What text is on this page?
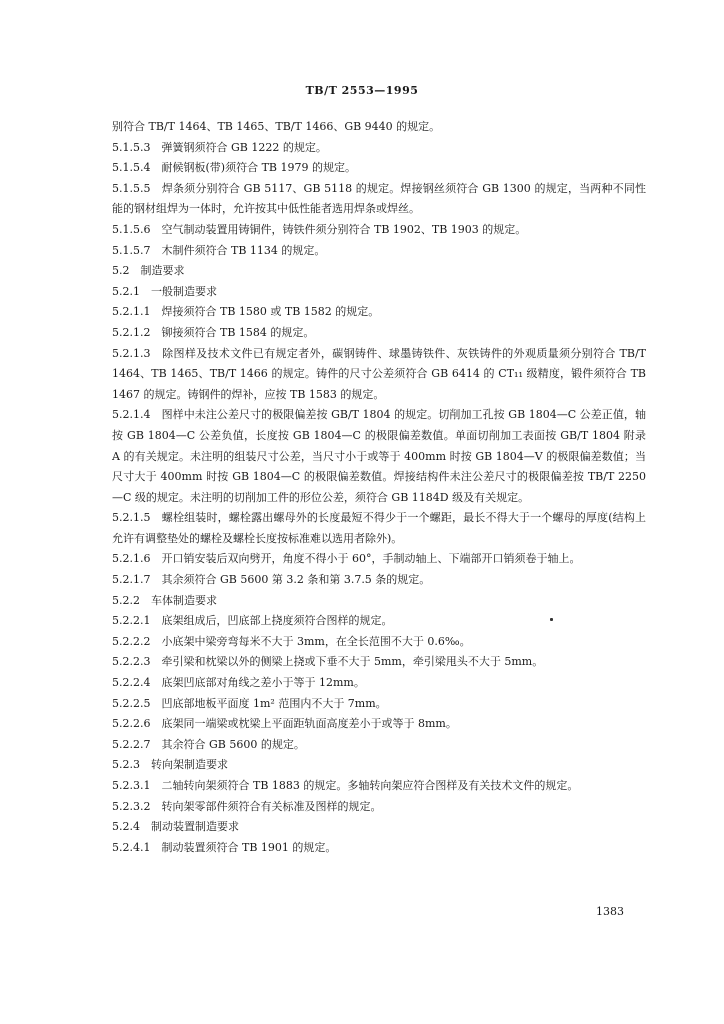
TB/T 2553—1995
别符合 TB/T 1464、TB 1465、TB/T 1466、GB 9440 的规定。
5.1.5.3　弹簧钢须符合 GB 1222 的规定。
5.1.5.4　耐候钢板(带)须符合 TB 1979 的规定。
5.1.5.5　焊条须分别符合 GB 5117、GB 5118 的规定。焊接钢丝须符合 GB 1300 的规定，当两种不同性能的钢材组焊为一体时，允许按其中低性能者选用焊条或焊丝。
5.1.5.6　空气制动装置用铸铜件，铸铁件须分别符合 TB 1902、TB 1903 的规定。
5.1.5.7　木制件须符合 TB 1134 的规定。
5.2　制造要求
5.2.1　一般制造要求
5.2.1.1　焊接须符合 TB 1580 或 TB 1582 的规定。
5.2.1.2　铆接须符合 TB 1584 的规定。
5.2.1.3　除图样及技术文件已有规定者外，碳钢铸件、球墨铸铁件、灰铁铸件的外观质量须分别符合 TB/T 1464、TB 1465、TB/T 1466 的规定。铸件的尺寸公差须符合 GB 6414 的 CT₁₁ 级精度，锻件须符合 TB 1467 的规定。铸钢件的焊补，应按 TB 1583 的规定。
5.2.1.4　图样中未注公差尺寸的极限偏差按 GB/T 1804 的规定。切削加工孔按 GB 1804—C 公差正值，轴按 GB 1804—C 公差负值，长度按 GB 1804—C 的极限偏差数值。单面切削加工表面按 GB/T 1804 附录 A 的有关规定。未注明的组装尺寸公差，当尺寸小于或等于 400mm 时按 GB 1804—V 的极限偏差数值；当尺寸大于 400mm 时按 GB 1804—C 的极限偏差数值。焊接结构件未注公差尺寸的极限偏差按 TB/T 2250—C 级的规定。未注明的切削加工件的形位公差，须符合 GB 1184D 级及有关规定。
5.2.1.5　螺栓组装时，螺栓露出螺母外的长度最短不得少于一个螺距，最长不得大于一个螺母的厚度(结构上允许有调整垫处的螺栓及螺栓长度按标准难以选用者除外)。
5.2.1.6　开口销安装后双向劈开，角度不得小于 60°，手制动轴上、下端部开口销须卷于轴上。
5.2.1.7　其余须符合 GB 5600 第 3.2 条和第 3.7.5 条的规定。
5.2.2　车体制造要求
5.2.2.1　底架组成后，凹底部上挠度须符合图样的规定。
5.2.2.2　小底架中梁旁弯每米不大于 3mm，在全长范围不大于 0.6‰。
5.2.2.3　牵引梁和枕梁以外的侧梁上挠或下垂不大于 5mm，牵引梁甩头不大于 5mm。
5.2.2.4　底架凹底部对角线之差小于等于 12mm。
5.2.2.5　凹底部地板平面度 1m² 范围内不大于 7mm。
5.2.2.6　底架同一端梁或枕梁上平面距轨面高度差小于或等于 8mm。
5.2.2.7　其余符合 GB 5600 的规定。
5.2.3　转向架制造要求
5.2.3.1　二轴转向架须符合 TB 1883 的规定。多轴转向架应符合图样及有关技术文件的规定。
5.2.3.2　转向架零部件须符合有关标准及图样的规定。
5.2.4　制动装置制造要求
5.2.4.1　制动装置须符合 TB 1901 的规定。
1383
